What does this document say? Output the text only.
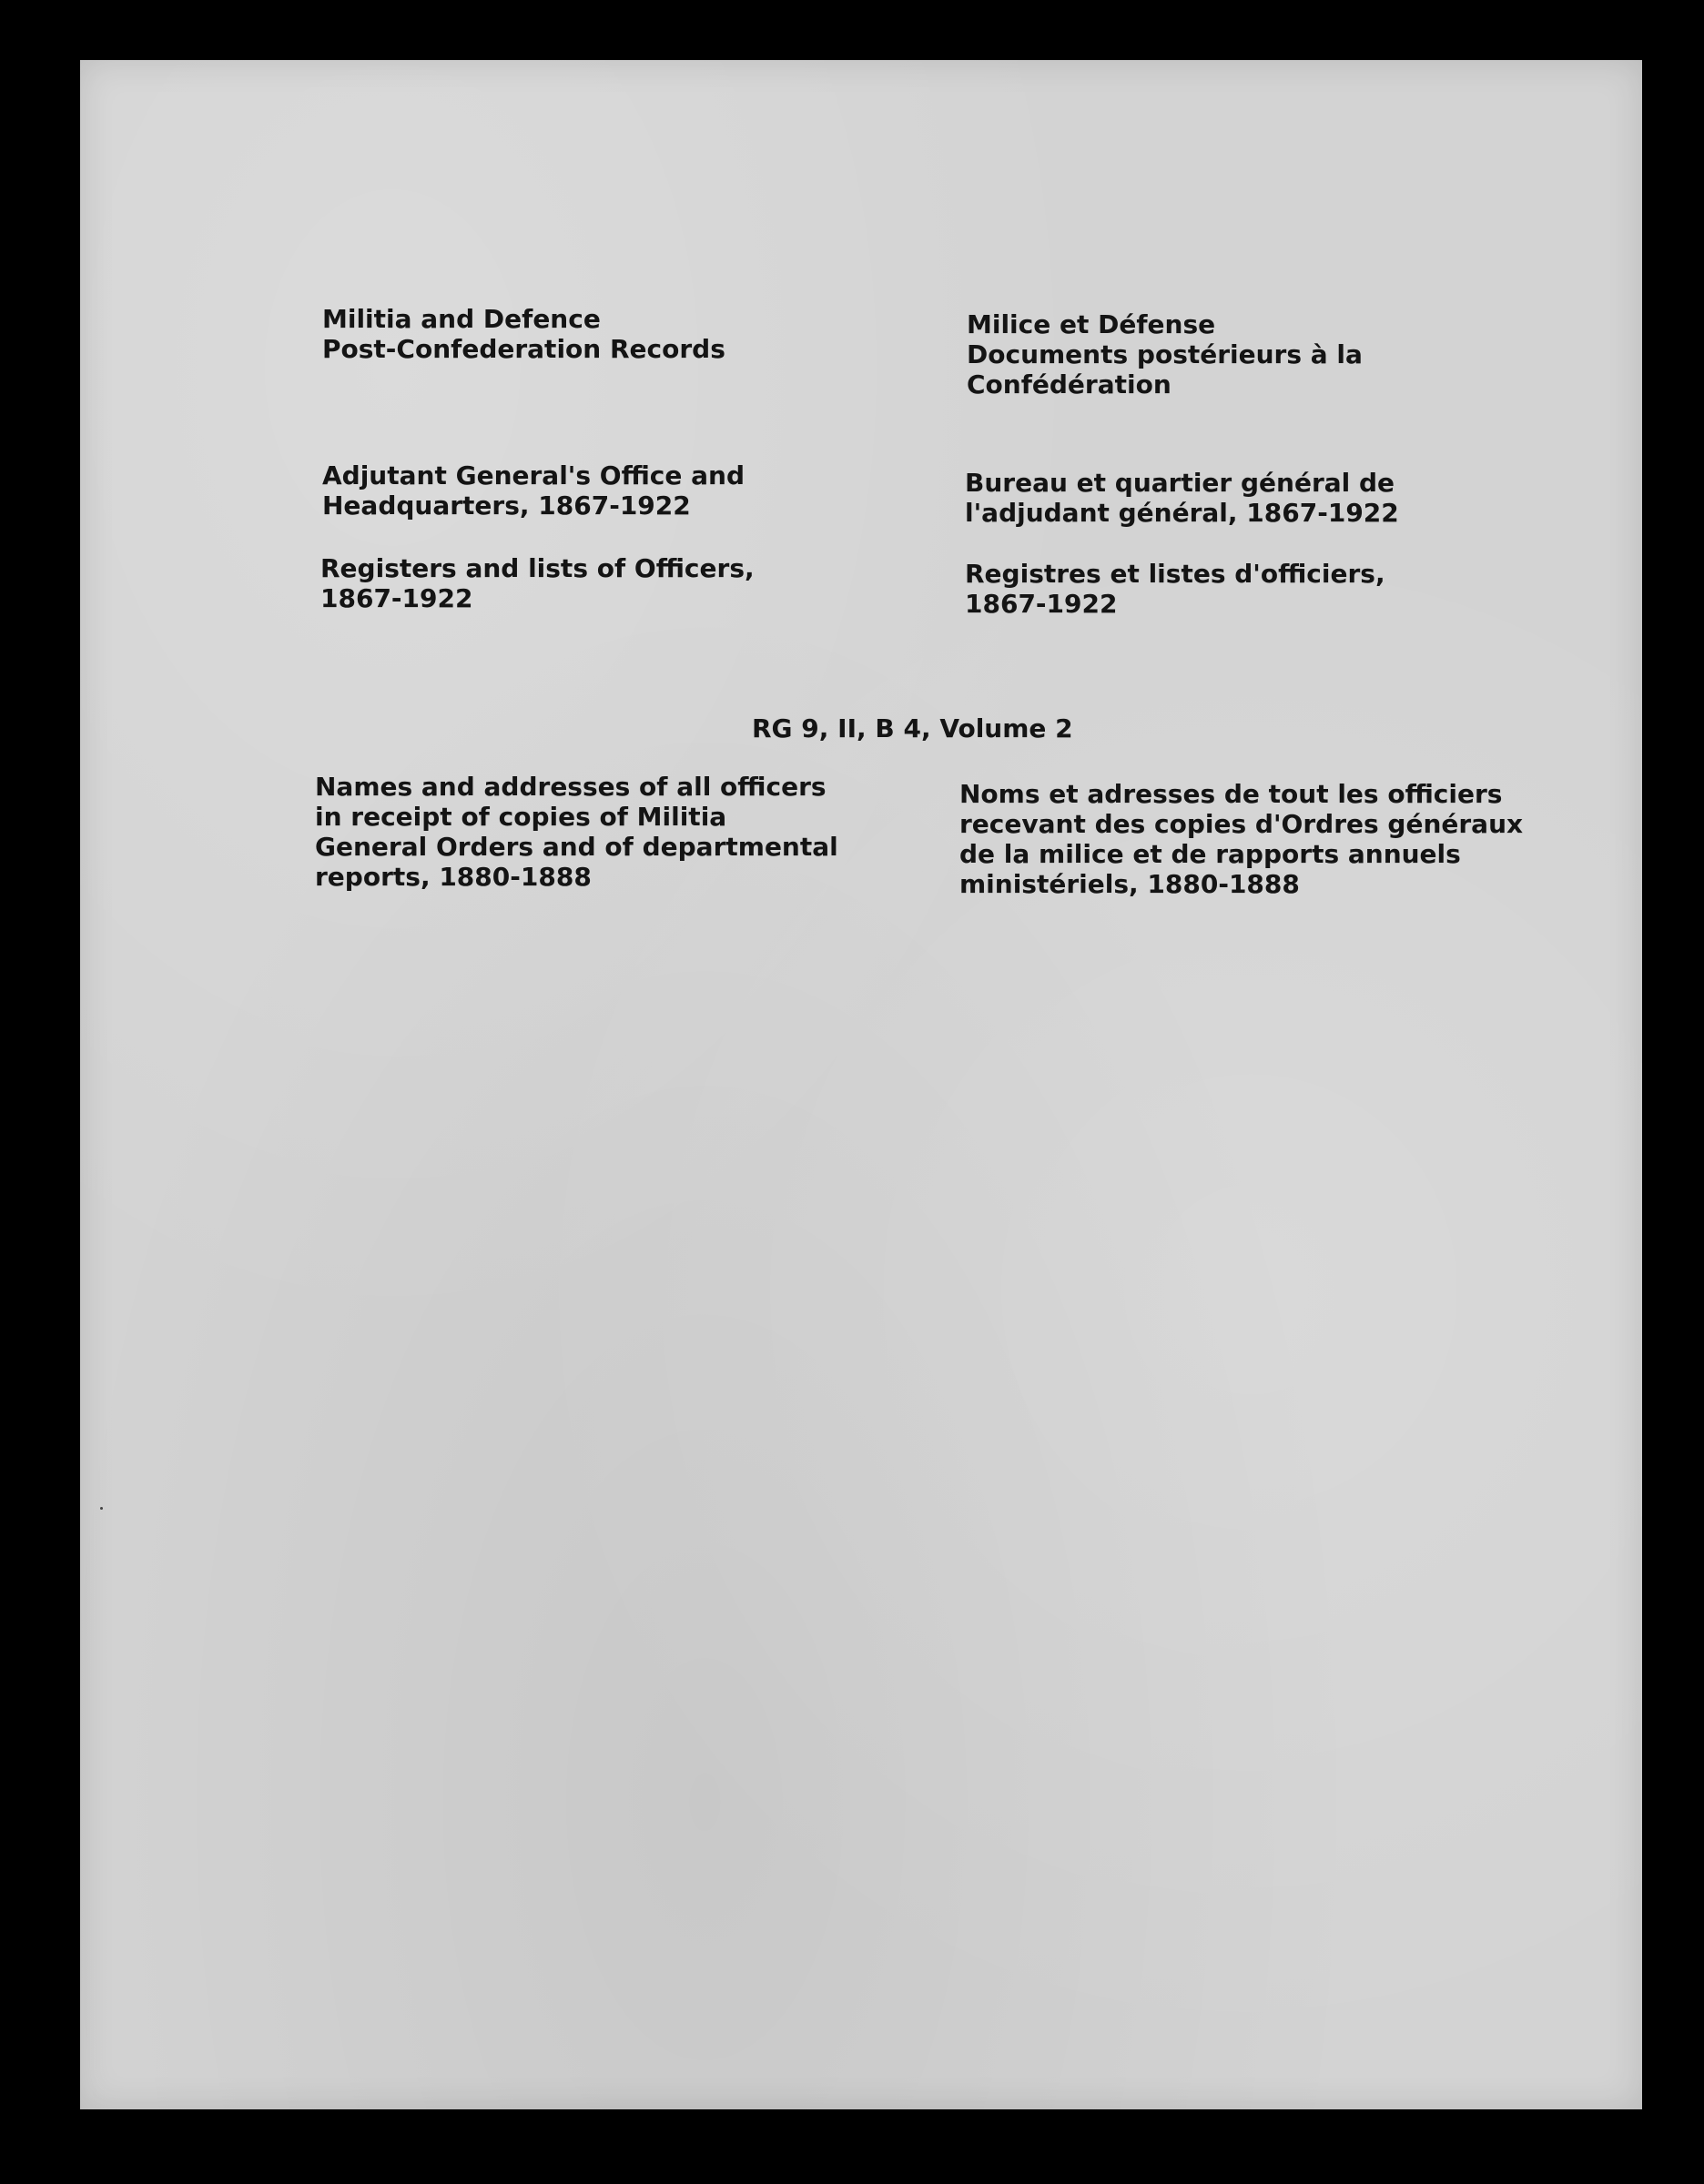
Militia and Defence
Post-Confederation Records
Adjutant General's Office and
Headquarters, 1867-1922
Registers and lists of Officers,
1867-1922
Names and addresses of all officers
in receipt of copies of Militia
General Orders and of departmental
reports, 1880-1888
Milice et Défense
Documents postérieurs à la
Confédération
Bureau et quartier général de
l'adjudant général, 1867-1922
Registres et listes d'officiers,
1867-1922
Noms et adresses de tout les officiers
recevant des copies d'Ordres généraux
de la milice et de rapports annuels
ministériels, 1880-1888
RG 9, II, B 4, Volume 2
